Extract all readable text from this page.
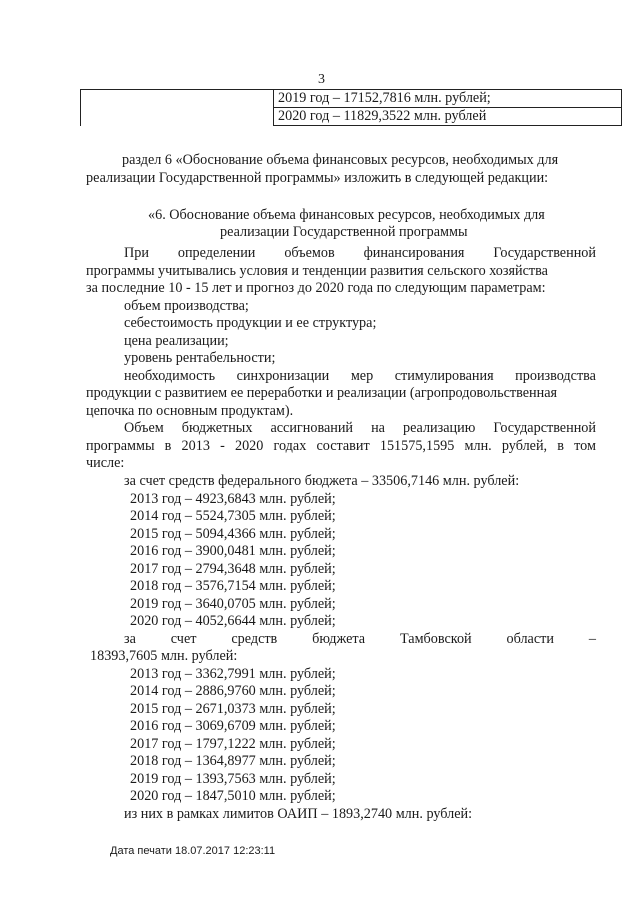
3
	2019 год – 17152,7816 млн. рублей;
2020 год – 11829,3522 млн. рублей
раздел 6 «Обоснование объема финансовых ресурсов, необходимых для
реализации Государственной программы» изложить в следующей редакции:
«6. Обоснование объема финансовых ресурсов, необходимых для
реализации Государственной программы
При определении объемов финансирования Государственной
программы учитывались условия и тенденции развития сельского хозяйства
за последние 10 - 15 лет и прогноз до 2020 года по следующим параметрам:
объем производства;
себестоимость продукции и ее структура;
цена реализации;
уровень рентабельности;
необходимость синхронизации мер стимулирования производства
продукции с развитием ее переработки и реализации (агропродовольственная
цепочка по основным продуктам).
Объем бюджетных ассигнований на реализацию Государственной
программы в 2013 - 2020 годах составит 151575,1595 млн. рублей, в том
числе:
за счет средств федерального бюджета – 33506,7146 млн. рублей:
2013 год – 4923,6843 млн. рублей;
2014 год – 5524,7305 млн. рублей;
2015 год – 5094,4366 млн. рублей;
2016 год – 3900,0481 млн. рублей;
2017 год – 2794,3648 млн. рублей;
2018 год – 3576,7154 млн. рублей;
2019 год – 3640,0705 млн. рублей;
2020 год – 4052,6644 млн. рублей;
за счет средств бюджета Тамбовской области –
18393,7605 млн. рублей:
2013 год – 3362,7991 млн. рублей;
2014 год – 2886,9760 млн. рублей;
2015 год – 2671,0373 млн. рублей;
2016 год – 3069,6709 млн. рублей;
2017 год – 1797,1222 млн. рублей;
2018 год – 1364,8977 млн. рублей;
2019 год – 1393,7563 млн. рублей;
2020 год – 1847,5010 млн. рублей;
из них в рамках лимитов ОАИП – 1893,2740 млн. рублей:
Дата печати 18.07.2017 12:23:11
